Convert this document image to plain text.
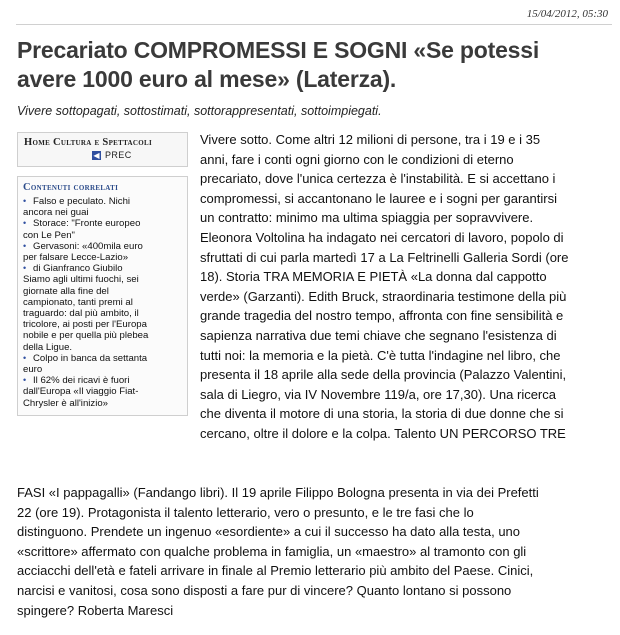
15/04/2012, 05:30
Precariato COMPROMESSI E SOGNI «Se potessi
avere 1000 euro al mese» (Laterza).

Vivere sottopagati, sottostimati, sottorappresentati, sottoimpiegati.

Home Cultura e Spettacoli
◀ PREC
Contenuti correlati
• Falso e peculato. Nichi
ancora nei guai
• Storace: "Fronte europeo
con Le Pen"
• Gervasoni: «400mila euro
per falsare Lecce-Lazio»
• di Gianfranco Giubilo
Siamo agli ultimi fuochi, sei
giornate alla fine del
campionato, tanti premi al
traguardo: dal più ambito, il
tricolore, ai posti per l'Europa
nobile e per quella più plebea
della Ligue.
• Colpo in banca da settanta
euro
• Il 62% dei ricavi è fuori
dall'Europa «Il viaggio Fiat-
Chrysler è all'inizio»
Vivere sotto. Come altri 12 milioni di persone, tra i 19 e i 35
anni, fare i conti ogni giorno con le condizioni di eterno
precariato, dove l'unica certezza è l'instabilità. E si accettano i
compromessi, si accantonano le lauree e i sogni per garantirsi
un contratto: minimo ma ultima spiaggia per sopravvivere.
Eleonora Voltolina ha indagato nei cercatori di lavoro, popolo di
sfruttati di cui parla martedì 17 a La Feltrinelli Galleria Sordi (ore
18). Storia TRA MEMORIA E PIETÀ «La donna dal cappotto
verde» (Garzanti). Edith Bruck, straordinaria testimone della più
grande tragedia del nostro tempo, affronta con fine sensibilità e
sapienza narrativa due temi chiave che segnano l'esistenza di
tutti noi: la memoria e la pietà. C'è tutta l'indagine nel libro, che
presenta il 18 aprile alla sede della provincia (Palazzo Valentini,
sala di Liegro, via IV Novembre 119/a, ore 17,30). Una ricerca
che diventa il motore di una storia, la storia di due donne che si
cercano, oltre il dolore e la colpa. Talento UN PERCORSO TRE
FASI «I pappagalli» (Fandango libri). Il 19 aprile Filippo Bologna presenta in via dei Prefetti
22 (ore 19). Protagonista il talento letterario, vero o presunto, e le tre fasi che lo
distinguono. Prendete un ingenuo «esordiente» a cui il successo ha dato alla testa, uno
«scrittore» affermato con qualche problema in famiglia, un «maestro» al tramonto con gli
acciacchi dell'età e fateli arrivare in finale al Premio letterario più ambito del Paese. Cinici,
narcisi e vanitosi, cosa sono disposti a fare pur di vincere? Quanto lontano si possono
spingere? Roberta Maresci
